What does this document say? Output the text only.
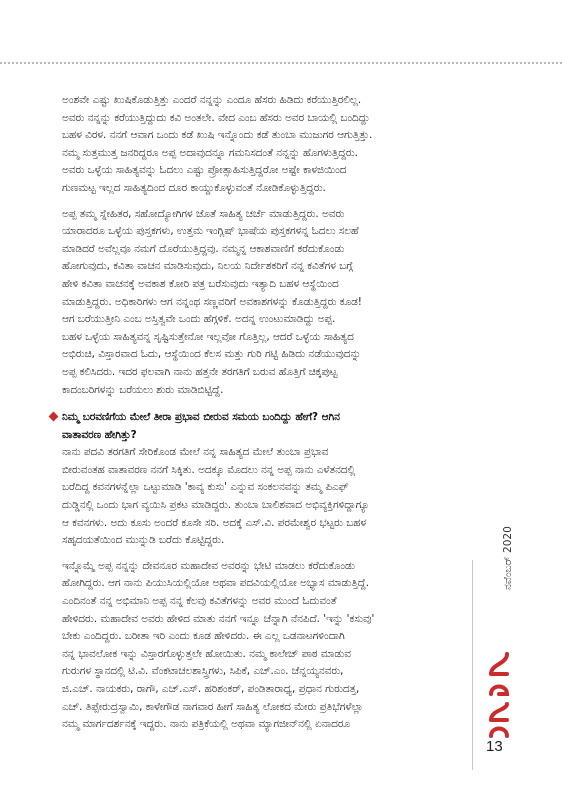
ಅಂಶವೇ ಎಷ್ಟು ಖುಷಿಕೊಡುತ್ತಿತ್ತು ಎಂದರೆ ನನ್ನನ್ನು ಎಂದೂ ಹೆಸರು ಹಿಡಿದು ಕರೆಯುತ್ತಿರಲಿಲ್ಲ.
ಅವರು ನನ್ನನ್ನು ಕರೆಯುತ್ತಿದ್ದುದು ಕವಿ ಅಂತಲೇ. ವೇದ ಎಂಬ ಹೆಸರು ಅವರ ಬಾಯಲ್ಲಿ ಬಂದಿದ್ದು
ಬಹಳ ವಿರಳ. ನನಗೆ ಆವಾಗ ಒಂದು ಕಡೆ ಖುಷಿ ಇನ್ನೊಂದು ಕಡೆ ತುಂಬಾ ಮುಜುಗರ ಆಗುತ್ತಿತ್ತು.
ನಮ್ಮ ಸುತ್ತಮುತ್ತ ಜನರಿದ್ದರೂ ಅಪ್ಪ ಅದಾವುದನ್ನೂ ಗಮನಿಸದಂತೆ ನನ್ನನ್ನು ಹೊಗಳುತ್ತಿದ್ದರು.
ಅವರು ಒಳ್ಳೆಯ ಸಾಹಿತ್ಯವನ್ನು ಓದಲು ಎಷ್ಟು ಪ್ರೋತ್ಸಾಹಿಸುತ್ತಿದ್ದರೋ ಅಷ್ಟೇ ಕಾಳಜಿಯಿಂದ
ಗುಣಮಟ್ಟ ಇಲ್ಲದ ಸಾಹಿತ್ಯದಿಂದ ದೂರ ಕಾಯ್ದುಕೊಳ್ಳುವಂತೆ ನೋಡಿಕೊಳ್ಳುತ್ತಿದ್ದರು.
ಅಪ್ಪ ತಮ್ಮ ಸ್ನೇಹಿತರ, ಸಹೋದ್ಯೋಗಿಗಳ ಜೊತೆ ಸಾಹಿತ್ಯ ಚರ್ಚೆ ಮಾಡುತ್ತಿದ್ದರು. ಅವರು
ಯಾರಾದರೂ ಒಳ್ಳೆಯ ಪುಸ್ತಕಗಳು, ಉತ್ತಮ ಇಂಗ್ಲಿಷ್ ಭಾಷೆಯ ಪುಸ್ತಕಗಳನ್ನ ಓದಲು ಸಲಹೆ
ಮಾಡಿದರೆ ಅವೆಲ್ಲವೂ ನಮಗೆ ದೊರೆಯುತ್ತಿದ್ದವು. ನಮ್ಮನ್ನ ಆಕಾಶವಾಣಿಗೆ ಕರೆದುಕೊಂಡು
ಹೋಗುವುದು, ಕವಿತಾ ವಾಚನ ಮಾಡಿಸುವುದು, ನಿಲಯ ನಿರ್ದೇಶಕರಿಗೆ ನನ್ನ ಕವಿತೆಗಳ ಬಗ್ಗೆ
ಹೇಳಿ ಕವಿತಾ ವಾಚನಕ್ಕೆ ಅವಕಾಶ ಕೋರಿ ಪತ್ರ ಬರೆಸುವುದು ಇತ್ಯಾದಿ ಬಹಳ ಆಸ್ಥೆಯಿಂದ
ಮಾಡುತ್ತಿದ್ದರು. ಅಧಿಕಾರಿಗಳು ಆಗ ನನ್ನಂಥ ಸಣ್ಣವರಿಗೆ ಅವಕಾಶಗಳನ್ನು ಕೊಡುತ್ತಿದ್ದರು ಕೂಡ!
ಆಗ ಬರೆಯುತ್ತೀನಿ ಎಂಬ ಅಸ್ತಿತ್ವವೇ ಒಂದು ಹೆಗ್ಗಳಿಕೆ. ಅದನ್ನ ಉಂಟುಮಾಡಿದ್ದು ಅಪ್ಪ.
ಬಹಳ ಒಳ್ಳೆಯ ಸಾಹಿತ್ಯವನ್ನ ಸೃಷ್ಟಿಸುತ್ತೇನೋ ಇಲ್ಲವೋ ಗೊತ್ತಿಲ್ಲ, ಆದರೆ ಒಳ್ಳೆಯ ಸಾಹಿತ್ಯದ
ಅಭಿರುಚಿ, ವಿಸ್ತಾರವಾದ ಓದು, ಆಸ್ಥೆಯಿಂದ ಕೆಲಸ ಮತ್ತು ಗುರಿ ಗಟ್ಟಿ ಹಿಡಿದು ನಡೆಯುವುದನ್ನು
ಅಪ್ಪ ಕಲಿಸಿದರು. ಇದರ ಫಲವಾಗಿ ನಾನು ಹತ್ತನೇ ತರಗತಿಗೆ ಬರುವ ಹೊತ್ತಿಗೆ ಚಿಕ್ಕಪುಟ್ಟ
ಕಾದಂಬರಿಗಳನ್ನು ಬರೆಯಲು ಶುರು ಮಾಡಿಬಿಟ್ಟಿದ್ದೆ.
ನಿಮ್ಮ ಬರವಣಿಗೆಯ ಮೇಲೆ ತೀರಾ ಪ್ರಭಾವ ಬೀರುವ ಸಮಯ ಬಂದಿದ್ದು ಹೇಗೆ? ಆಗಿನ
ವಾತಾವರಣ ಹೇಗಿತ್ತು?
ನಾನು ಪದವಿ ತರಗತಿಗೆ ಸೇರಿಕೊಂಡ ಮೇಲೆ ನನ್ನ ಸಾಹಿತ್ಯದ ಮೇಲೆ ತುಂಬಾ ಪ್ರಭಾವ
ಬೀರುವಂತಹ ವಾತಾವರಣ ನನಗೆ ಸಿಕ್ಕಿತು. ಅದಕ್ಕೂ ಮೊದಲು ನನ್ನ ಅಪ್ಪ ನಾನು ಎಳೆತನದಲ್ಲಿ
ಬರೆದಿದ್ದ ಕವನಗಳನ್ನೆಲ್ಲಾ ಒಟ್ಟುಮಾಡಿ 'ಕಾವ್ಯ ಕುಸು' ಎನ್ನುವ ಸಂಕಲನವನ್ನು ತಮ್ಮ ಪಿಎಫ್
ದುಡ್ಡಿನಲ್ಲಿ ಒಂದು ಭಾಗ ವ್ಯಯಿಸಿ ಪ್ರಕಟ ಮಾಡಿದ್ದರು. ತುಂಬಾ ಬಾಲಿಶವಾದ ಅಭಿವ್ಯಕ್ತಿಗಳಿದ್ದಾಗ್ಯೂ
ಆ ಕವನಗಳು. ಅದು ಕೂಸು ಅಂದರೆ ಕೂಸೇ ಸರಿ. ಅದಕ್ಕೆ ಎಸ್.ವಿ. ಪರಮೇಶ್ವರ ಭಟ್ಟರು ಬಹಳ
ಸಹೃದಯತೆಯಿಂದ ಮುನ್ನುಡಿ ಬರೆದು ಕೊಟ್ಟಿದ್ದರು.
ಇನ್ನೊಮ್ಮೆ ಅಪ್ಪ ನನ್ನನ್ನು ದೇವನೂರ ಮಹಾದೇವ ಅವರನ್ನು ಭೇಟಿ ಮಾಡಲು ಕರೆದುಕೊಂಡು
ಹೋಗಿದ್ದರು. ಆಗ ನಾನು ಪಿಯುಸಿಯಲ್ಲಿಯೋ ಅಥವಾ ಪದವಿಯಲ್ಲಿಯೋ ಅಭ್ಯಾಸ ಮಾಡುತ್ತಿದ್ದೆ.
ಎಂದಿನಂತೆ ನನ್ನ ಅಭಿಮಾನಿ ಅಪ್ಪ ನನ್ನ ಕೆಲವು ಕವಿತೆಗಳನ್ನು ಅವರ ಮುಂದೆ ಓದುವಂತೆ
ಹೇಳಿದರು. ಮಹಾದೇವ ಅವರು ಹೇಳಿದ ಮಾತು ನನಗೆ ಇನ್ನೂ ಚೆನ್ನಾಗಿ ನೆನಪಿದೆ. 'ಇನ್ನು 'ಕಸುವು'
ಬೇಕು ಎಂದಿದ್ದರು. ಬರೀತಾ ಇರಿ ಎಂದು ಕೂಡ ಹೇಳಿದರು. ಈ ಎಲ್ಲ ಒಡನಾಟಗಳಿಂದಾಗಿ
ನನ್ನ ಭಾವಲೋಕ ಇನ್ನು ವಿಸ್ತಾರಗೊಳ್ಳುತ್ತಲೇ ಹೋಯಿತು. ನಮ್ಮ ಕಾಲೇಜ್ ಪಾಠ ಮಾಡುವ
ಗುರುಗಳ ಸ್ಥಾನದಲ್ಲಿ ಟಿ.ವಿ. ವೆಂಕಟಾಚಲಶಾಸ್ತ್ರಿಗಳು, ಸಿಪಿಕೆ, ಎಚ್.ಎಂ. ಚೆನ್ನಯ್ಯನವರು,
ಜಿ.ಎಚ್. ನಾಯಕರು, ರಾಗೌ, ಎಚ್.ಎಸ್. ಹರಿಶಂಕರ್, ಪಂಡಿತಾರಾಧ್ಯ, ಪ್ರಧಾನ ಗುರುದತ್ತ,
ಎಚ್. ತಿಪ್ಪೇರುದ್ರಸ್ವಾಮಿ, ಕಾಳೇಗೌಡ ನಾಗವಾರ ಹೀಗೆ ಸಾಹಿತ್ಯ ಲೋಕದ ಮೇರು ಪ್ರತಿಭೆಗಳೆಲ್ಲಾ
ನಮ್ಮ ಮಾರ್ಗದರ್ಶನಕ್ಕೆ ಇದ್ದರು. ನಾನು ಪತ್ರಿಕೆಯಲ್ಲಿ ಅಥವಾ ಮ್ಯಾಗಜೀನ್‌ನಲ್ಲಿ ಏನಾದರೂ
ನವೆಂಬರ್ 2020
13
